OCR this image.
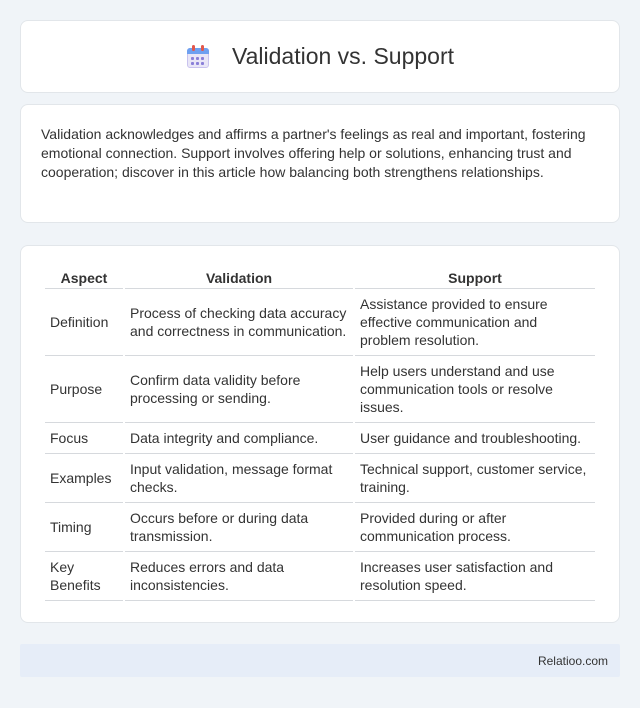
Validation vs. Support

Validation acknowledges and affirms a partner's feelings as real and important, fostering emotional connection. Support involves offering help or solutions, enhancing trust and cooperation; discover in this article how balancing both strengthens relationships.

Aspect	Validation	Support
Definition	Process of checking data accuracy and correctness in communication.	Assistance provided to ensure effective communication and problem resolution.
Purpose	Confirm data validity before processing or sending.	Help users understand and use communication tools or resolve issues.
Focus	Data integrity and compliance.	User guidance and troubleshooting.
Examples	Input validation, message format checks.	Technical support, customer service, training.
Timing	Occurs before or during data transmission.	Provided during or after communication process.
Key Benefits	Reduces errors and data inconsistencies.	Increases user satisfaction and resolution speed.
Relatioo.com
